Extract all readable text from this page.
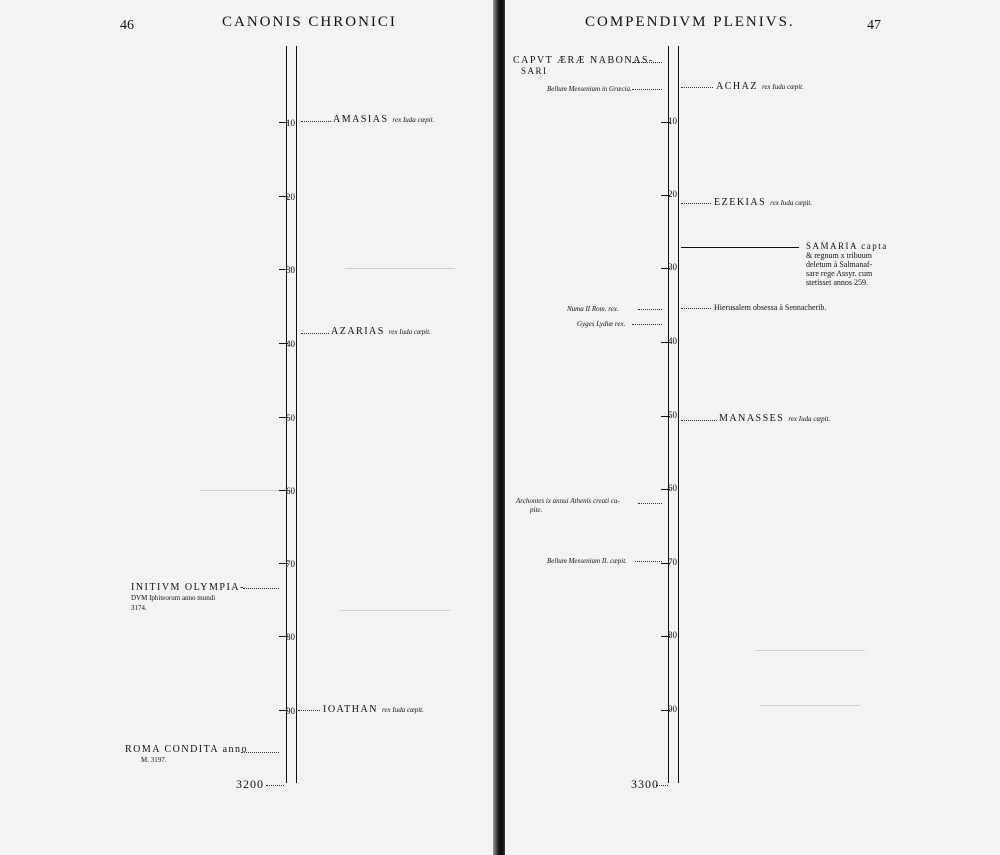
46	CANONIS CHRONICI
10
20
30
40
50
60
70
80
90
AMASIAS rex Iuda cæpit.
AZARIAS rex Iuda cæpit.
INITIVM OLYMPIA-
DVM Iphiteorum anno mundi
3174.
IOATHAN rex Iuda cæpit.
ROMA CONDITA anno
M. 3197.
3200
COMPENDIVM PLENIVS.	47
10
20
30
40
50
60
70
80
90
CAPVT ÆRÆ NABONAS-
SARI
Bellum Messenium in Græcia.	ACHAZ rex Iuda cæpit.
EZEKIAS rex Iuda cæpit.
SAMARIA capta
& regnum x tribuum
deletum à Salmanaf-
sare rege Assyr. cum
stetisset annos 259.
Numa II Rom. rex.	Hierusalem obsessa à Sennacherib.
Gyges Lydiæ rex.
MANASSES rex Iuda cæpit.
Archontes ix annui Athenis creati ca-
pite.
Bellum Messenium II. cæpit.
3300
